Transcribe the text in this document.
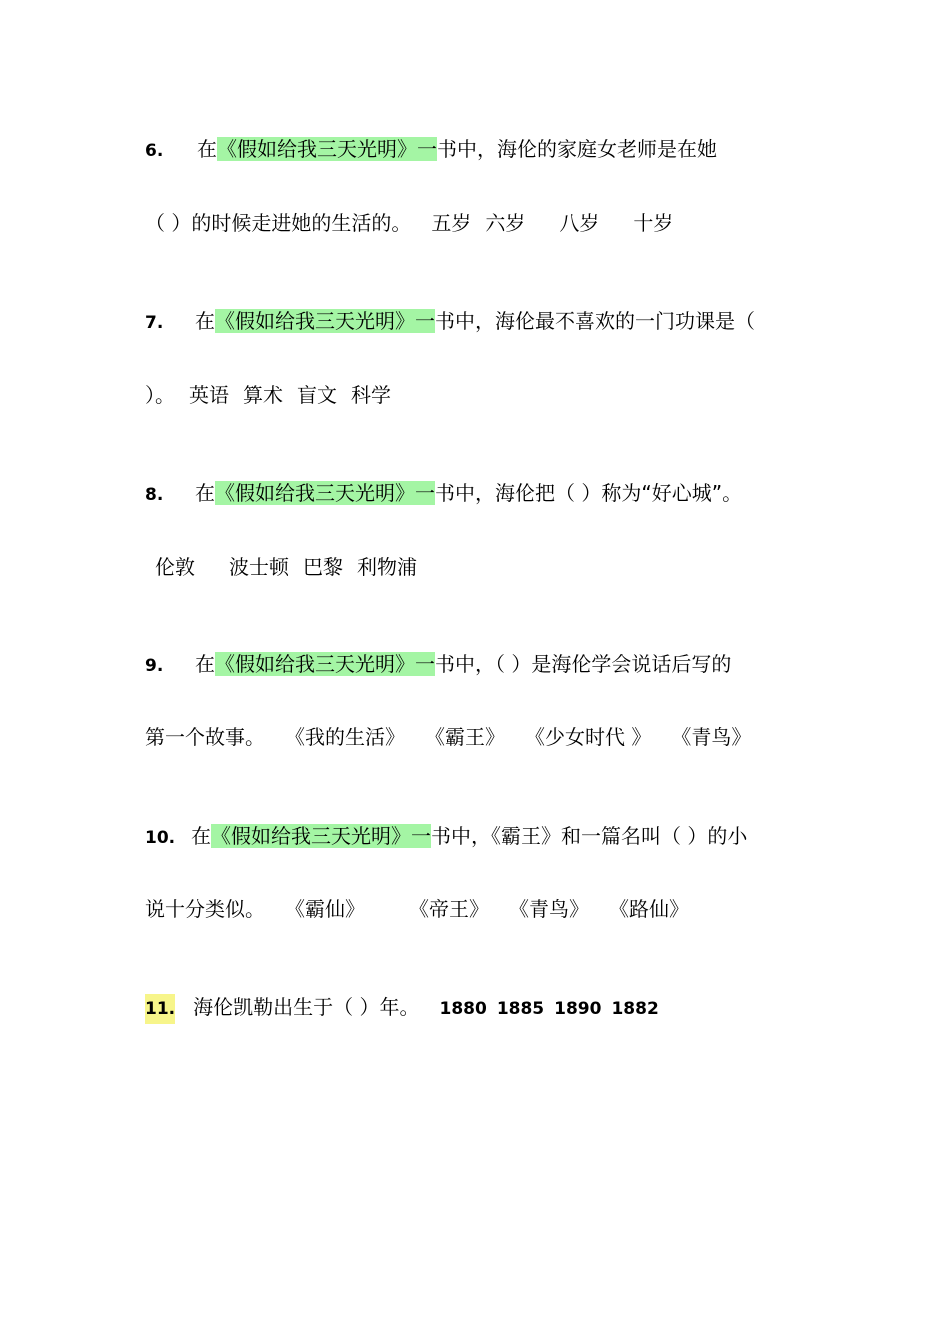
6. 在《假如给我三天光明》一书中，海伦的家庭女老师是在她
（ ）的时候走进她的生活的。 五岁 六岁 八岁 十岁
7. 在《假如给我三天光明》一书中，海伦最不喜欢的一门功课是（
）。 英语 算术 盲文 科学
8. 在《假如给我三天光明》一书中，海伦把（ ）称为“好心城”。
伦敦 波士顿 巴黎 利物浦
9. 在《假如给我三天光明》一书中，（ ）是海伦学会说话后写的
第一个故事。 《我的生活》 《霸王》 《少女时代 》 《青鸟》
10. 在《假如给我三天光明》一书中，《霸王》和一篇名叫（ ）的小
说十分类似。 《霸仙》 《帝王》 《青鸟》 《路仙》
11. 海伦凯勒出生于（ ）年。 1880 1885 1890 1882
